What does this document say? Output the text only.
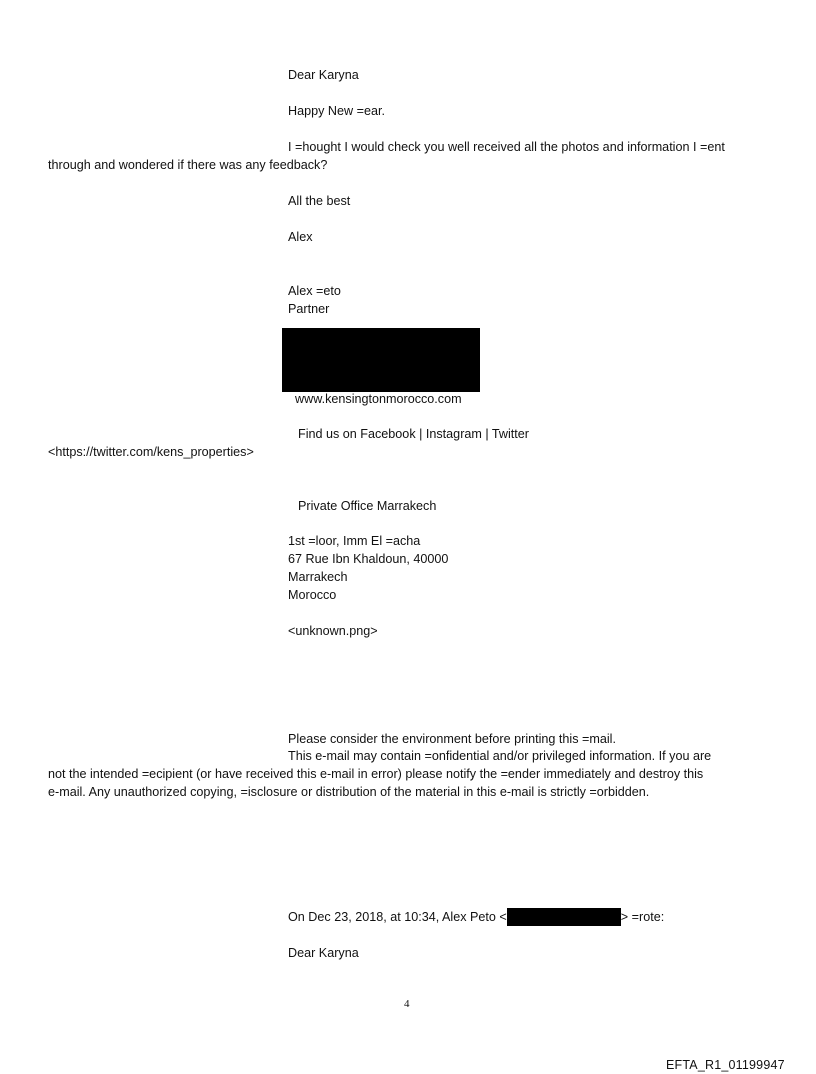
Dear Karyna
Happy New =ear.
I =hought I would check you well received all the photos and information I =ent
through and wondered if there was any feedback?
All the best
Alex
Alex =eto
Partner
www.kensingtonmorocco.com
Find us on Facebook | Instagram | Twitter
<https://twitter.com/kens_properties>
Private Office Marrakech
1st =loor, Imm El =acha
67 Rue Ibn Khaldoun, 40000
Marrakech
Morocco
<unknown.png>
Please consider the environment before printing this =mail.
This e-mail may contain =onfidential and/or privileged information. If you are
not the intended =ecipient (or have received this e-mail in error) please notify the =ender immediately and destroy this
e-mail. Any unauthorized copying, =isclosure or distribution of the material in this e-mail is strictly =orbidden.
On Dec 23, 2018, at 10:34, Alex Peto <	> =rote:
Dear Karyna
4
EFTA_R1_01199947
